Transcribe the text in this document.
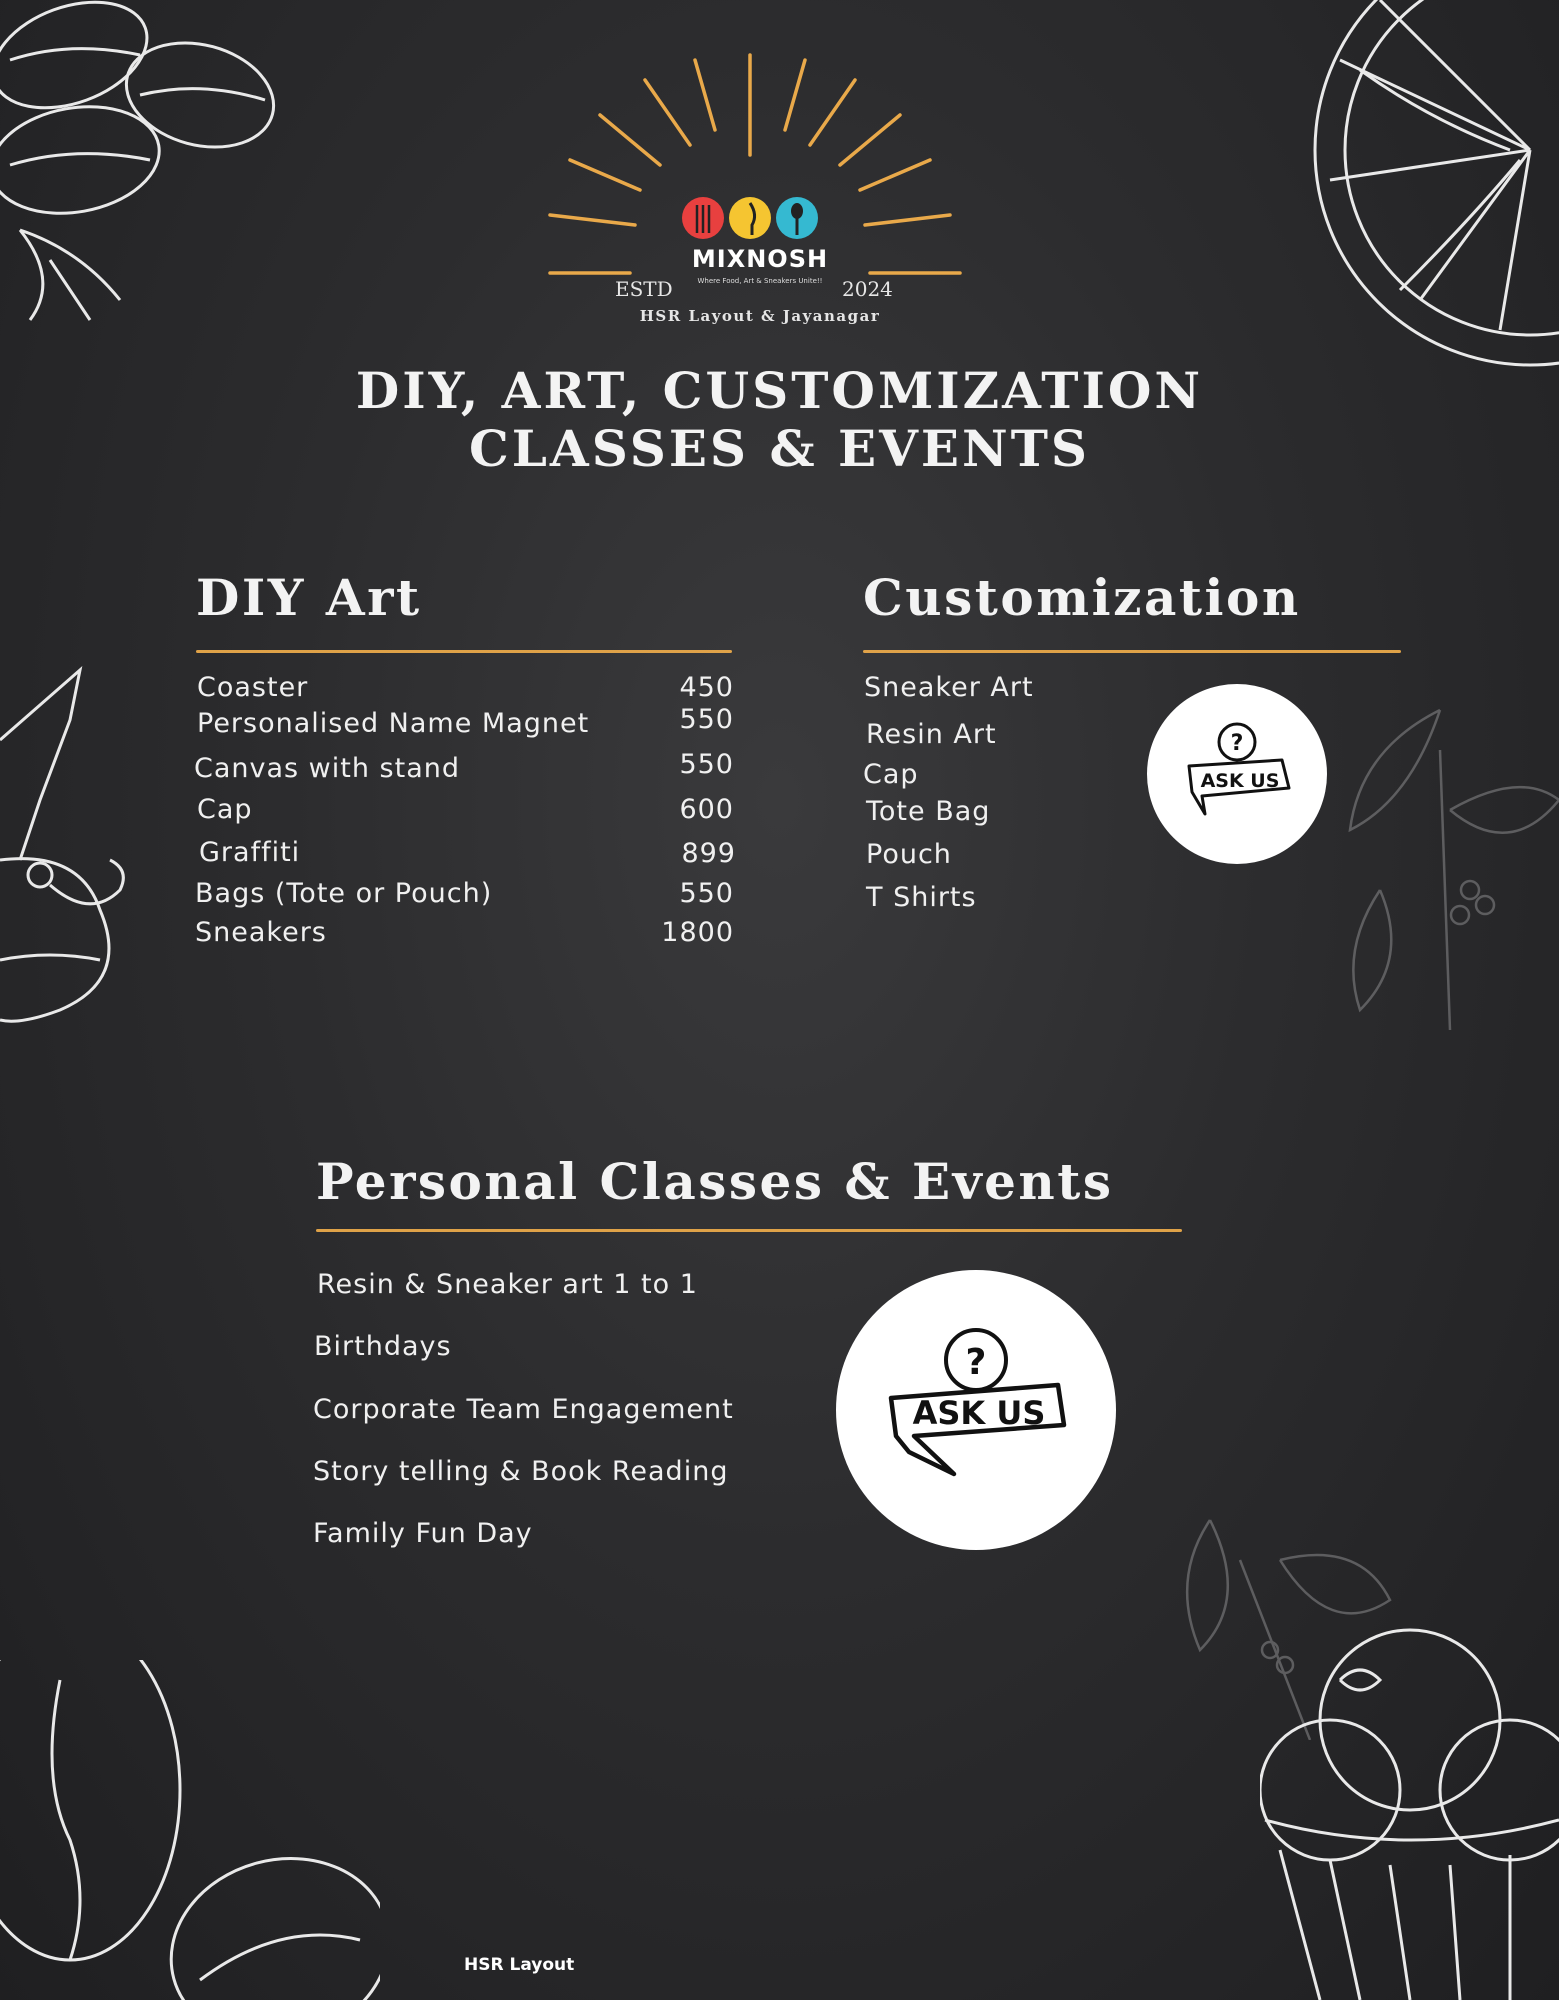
MIXNOSH
Where Food, Art & Sneakers Unite!!
ESTD	2024
HSR Layout & Jayanagar
DIY, ART, CUSTOMIZATION
CLASSES & EVENTS
DIY Art
Coaster	450
Personalised Name Magnet	550
Canvas with stand	550
Cap	600
Graffiti	899
Bags (Tote or Pouch)	550
Sneakers	1800
Customization
Sneaker Art
Resin Art
Cap
Tote Bag
Pouch
T Shirts
?
ASK US
Personal Classes & Events
Resin & Sneaker art 1 to 1
Birthdays
Corporate Team Engagement
Story telling & Book Reading
Family Fun Day
?
ASK US
HSR Layout
